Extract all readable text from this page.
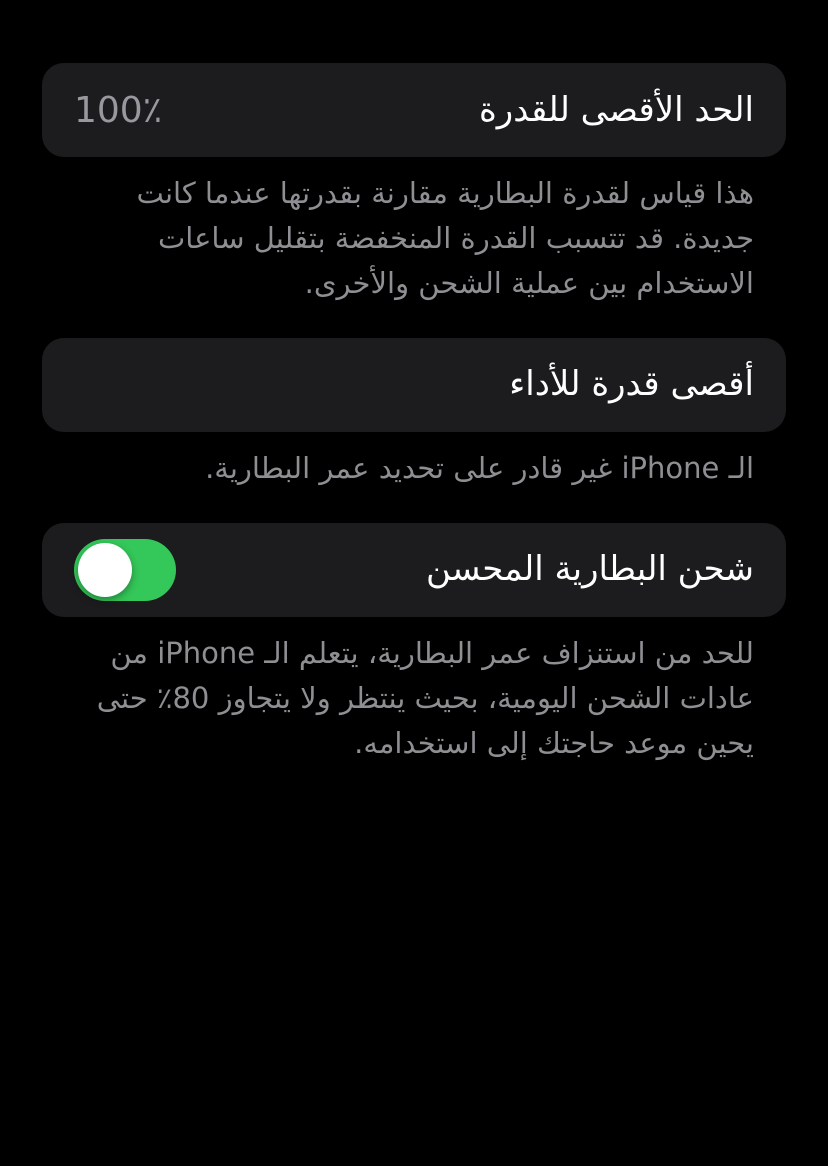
الحد الأقصى للقدرة
100٪

هذا قياس لقدرة البطارية مقارنة بقدرتها عندما كانت جديدة. قد تتسبب القدرة المنخفضة بتقليل ساعات الاستخدام بين عملية الشحن والأخرى.

أقصى قدرة للأداء

الـ iPhone غير قادر على تحديد عمر البطارية.

شحن البطارية المحسن

للحد من استنزاف عمر البطارية، يتعلم الـ iPhone من عادات الشحن اليومية، بحيث ينتظر ولا يتجاوز 80٪ حتى يحين موعد حاجتك إلى استخدامه.
